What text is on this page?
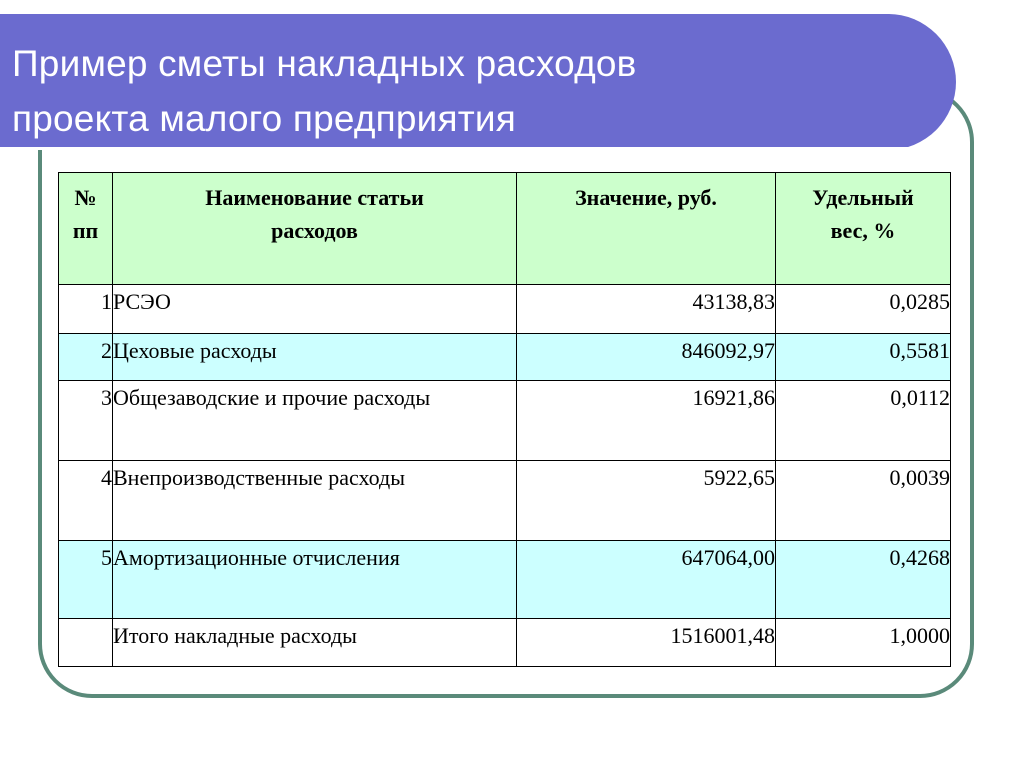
Пример сметы накладных расходов
проекта малого предприятия
№ пп	Наименование статьи расходов	Значение, руб.	Удельный вес, %

1	РСЭО	43138,83	0,0285
2	Цеховые расходы	846092,97	0,5581
3	Общезаводские и прочие расходы	16921,86	0,0112
4	Внепроизводственные расходы	5922,65	0,0039
5	Амортизационные отчисления	647064,00	0,4268
	Итого накладные расходы	1516001,48	1,0000
